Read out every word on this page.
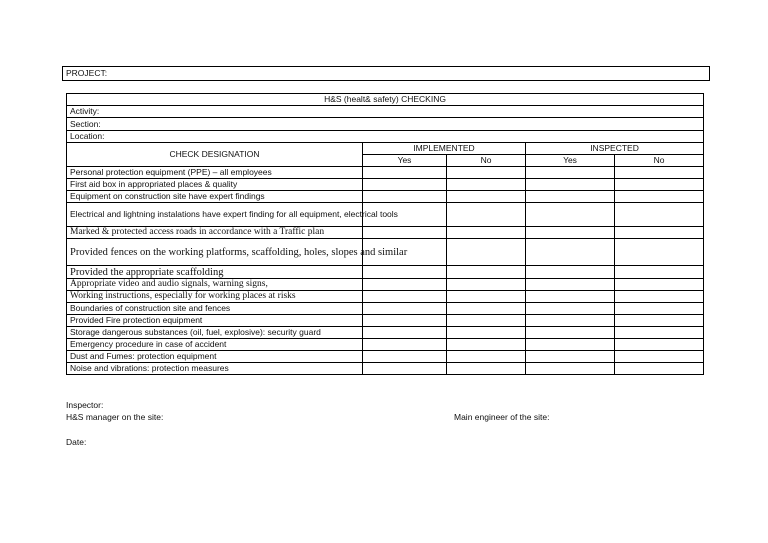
PROJECT:
H&S (healt& safety) CHECKING				
Activity:				
Section:				
Location:				
CHECK DESIGNATION	IMPLEMENTED		INSPECTED	
	Yes	No	Yes	No
Personal protection equipment (PPE) – all employees				
First aid box in appropriated places & quality				
Equipment on construction site have expert findings				
Electrical and lightning instalations have expert finding for all equipment, electrical tools				
Marked & protected access roads in accordance with a Traffic plan				
Provided fences on the working platforms, scaffolding, holes, slopes and similar				
Provided the appropriate scaffolding				
Appropriate video and audio signals, warning signs,				
Working instructions, especially for working places at risks				
Boundaries of construction site and fences				
Provided Fire protection equipment				
Storage dangerous substances (oil, fuel, explosive): security guard				
Emergency procedure in case of accident				
Dust and Fumes: protection equipment				
Noise and vibrations: protection measures				
Inspector:
H&S manager on the site:	Main engineer of the site:
Date:
